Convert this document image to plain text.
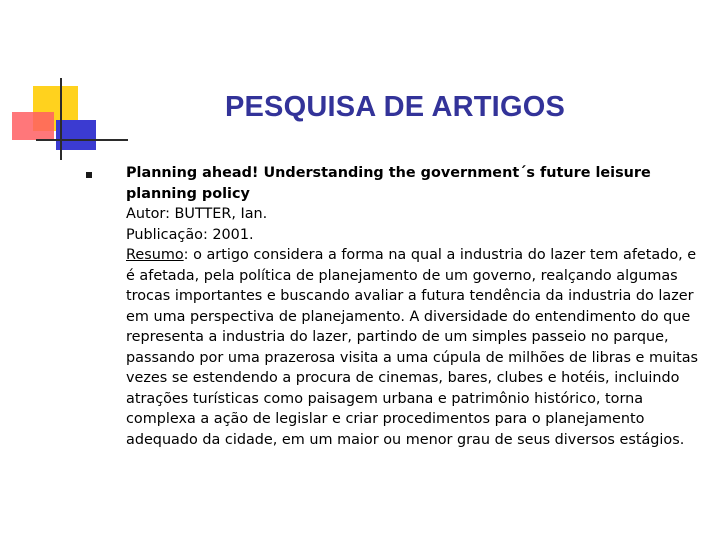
PESQUISA DE ARTIGOS

Planning ahead! Understanding the government´s future leisure planning policy

Autor: BUTTER, Ian.

Publicação: 2001.

Resumo: o artigo considera a forma na qual a industria do lazer tem afetado, e é afetada, pela política de planejamento de um governo, realçando algumas trocas importantes e buscando avaliar a futura tendência da industria do lazer em uma perspectiva de planejamento. A diversidade do entendimento do que representa a industria do lazer, partindo de um simples passeio no parque, passando por uma prazerosa visita a uma cúpula de milhões de libras e muitas vezes se estendendo a procura de cinemas, bares, clubes e hotéis, incluindo atrações turísticas como paisagem urbana e patrimônio histórico, torna complexa a ação de legislar e criar procedimentos para o planejamento adequado da cidade, em um maior ou menor grau de seus diversos estágios.
